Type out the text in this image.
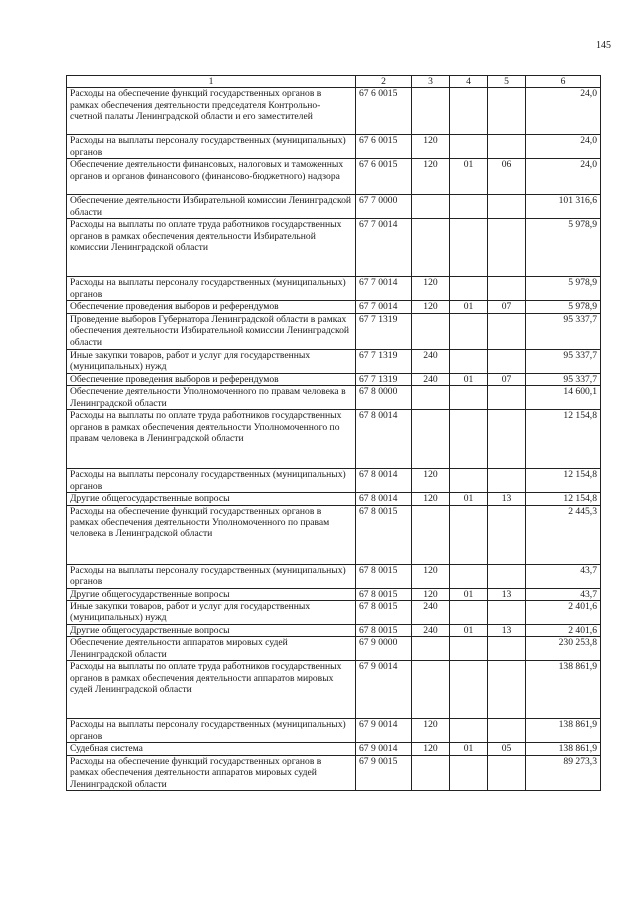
145
1	2	3	4	5	6
Расходы на обеспечение функций государственных органов в рамках обеспечения деятельности председателя Контрольно-счетной палаты Ленинградской области и его заместителей	67 6 0015				24,0
Расходы на выплаты персоналу государственных (муниципальных) органов	67 6 0015	120			24,0
Обеспечение деятельности финансовых, налоговых и таможенных органов и органов финансового (финансово-бюджетного) надзора	67 6 0015	120	01	06	24,0
Обеспечение деятельности Избирательной комиссии Ленинградской области	67 7 0000				101 316,6
Расходы на выплаты по оплате труда работников государственных органов в рамках обеспечения деятельности Избирательной комиссии Ленинградской области	67 7 0014				5 978,9
Расходы на выплаты персоналу государственных (муниципальных) органов	67 7 0014	120			5 978,9
Обеспечение проведения выборов и референдумов	67 7 0014	120	01	07	5 978,9
Проведение выборов Губернатора Ленинградской области в рамках обеспечения деятельности Избирательной комиссии Ленинградской области	67 7 1319				95 337,7
Иные закупки товаров, работ и услуг для государственных (муниципальных) нужд	67 7 1319	240			95 337,7
Обеспечение проведения выборов и референдумов	67 7 1319	240	01	07	95 337,7
Обеспечение деятельности Уполномоченного по правам человека в Ленинградской области	67 8 0000				14 600,1
Расходы на выплаты по оплате труда работников государственных органов в рамках обеспечения деятельности Уполномоченного по правам человека в Ленинградской области	67 8 0014				12 154,8
Расходы на выплаты персоналу государственных (муниципальных) органов	67 8 0014	120			12 154,8
Другие общегосударственные вопросы	67 8 0014	120	01	13	12 154,8
Расходы на обеспечение функций государственных органов в рамках обеспечения деятельности Уполномоченного по правам человека в Ленинградской области	67 8 0015				2 445,3
Расходы на выплаты персоналу государственных (муниципальных) органов	67 8 0015	120			43,7
Другие общегосударственные вопросы	67 8 0015	120	01	13	43,7
Иные закупки товаров, работ и услуг для государственных (муниципальных) нужд	67 8 0015	240			2 401,6
Другие общегосударственные вопросы	67 8 0015	240	01	13	2 401,6
Обеспечение деятельности аппаратов мировых судей Ленинградской области	67 9 0000				230 253,8
Расходы на выплаты по оплате труда работников государственных органов в рамках обеспечения деятельности аппаратов мировых судей Ленинградской области	67 9 0014				138 861,9
Расходы на выплаты персоналу государственных (муниципальных) органов	67 9 0014	120			138 861,9
Судебная система	67 9 0014	120	01	05	138 861,9
Расходы на обеспечение функций государственных органов в рамках обеспечения деятельности аппаратов мировых судей Ленинградской области	67 9 0015				89 273,3
